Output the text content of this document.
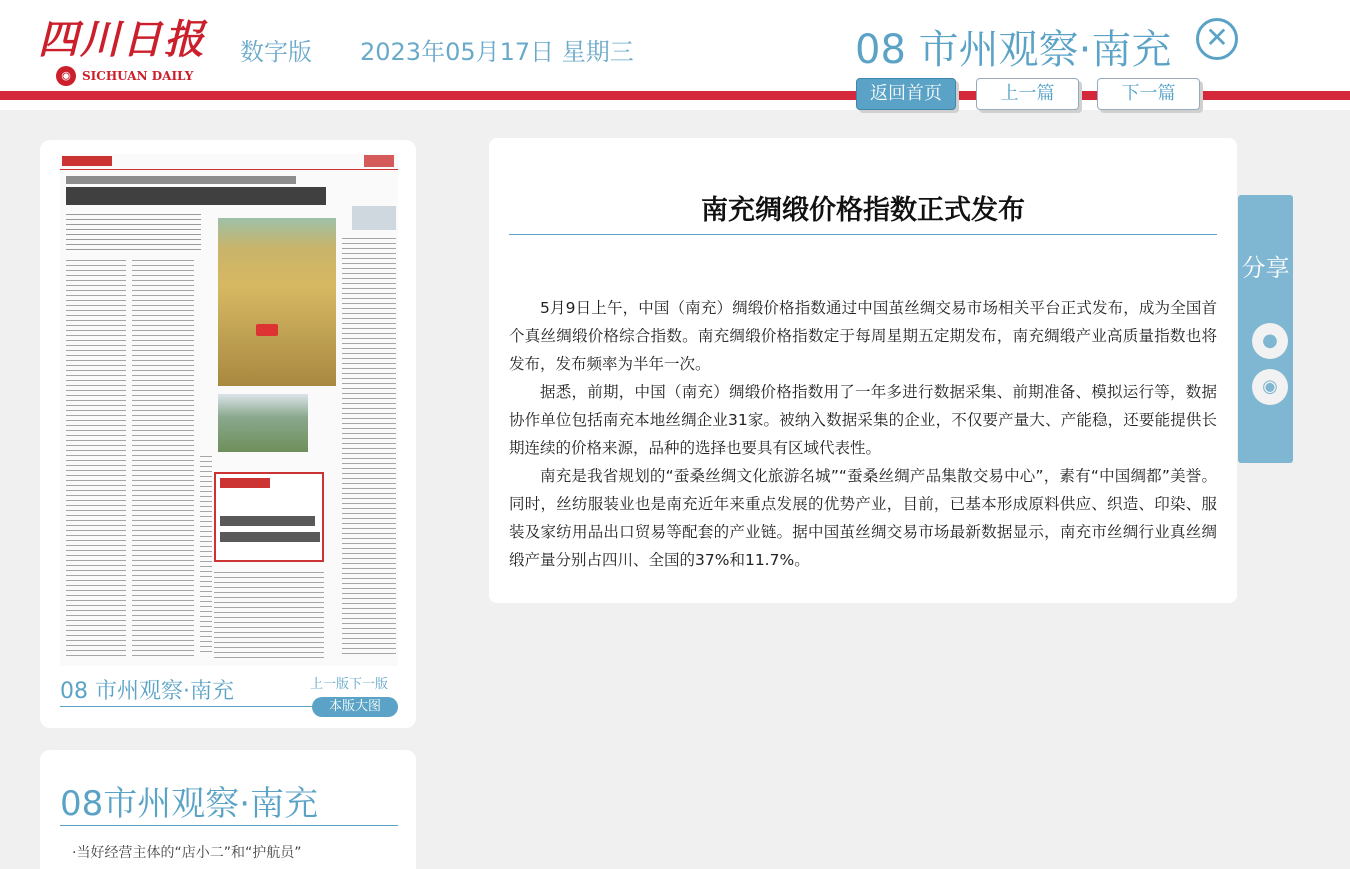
四川日报
◉ SICHUAN DAILY
数字版 2023年05月17日 星期三	08 市州观察·南充	✕
返回首页	上一篇	下一篇
08 市州观察·南充	上一版下一版
本版大图
08市州观察·南充
·当好经营主体的“店小二”和“护航员”
南充绸缎价格指数正式发布

5月9日上午，中国（南充）绸缎价格指数通过中国茧丝绸交易市场相关平台正式发布，成为全国首个真丝绸缎价格综合指数。南充绸缎价格指数定于每周星期五定期发布，南充绸缎产业高质量指数也将发布，发布频率为半年一次。

据悉，前期，中国（南充）绸缎价格指数用了一年多进行数据采集、前期准备、模拟运行等，数据协作单位包括南充本地丝绸企业31家。被纳入数据采集的企业，不仅要产量大、产能稳，还要能提供长期连续的价格来源，品种的选择也要具有区域代表性。

南充是我省规划的“蚕桑丝绸文化旅游名城”“蚕桑丝绸产品集散交易中心”，素有“中国绸都”美誉。同时，丝纺服装业也是南充近年来重点发展的优势产业，目前，已基本形成原料供应、织造、印染、服装及家纺用品出口贸易等配套的产业链。据中国茧丝绸交易市场最新数据显示，南充市丝绸行业真丝绸缎产量分别占四川、全国的37%和11.7%。

分享
●
◉
